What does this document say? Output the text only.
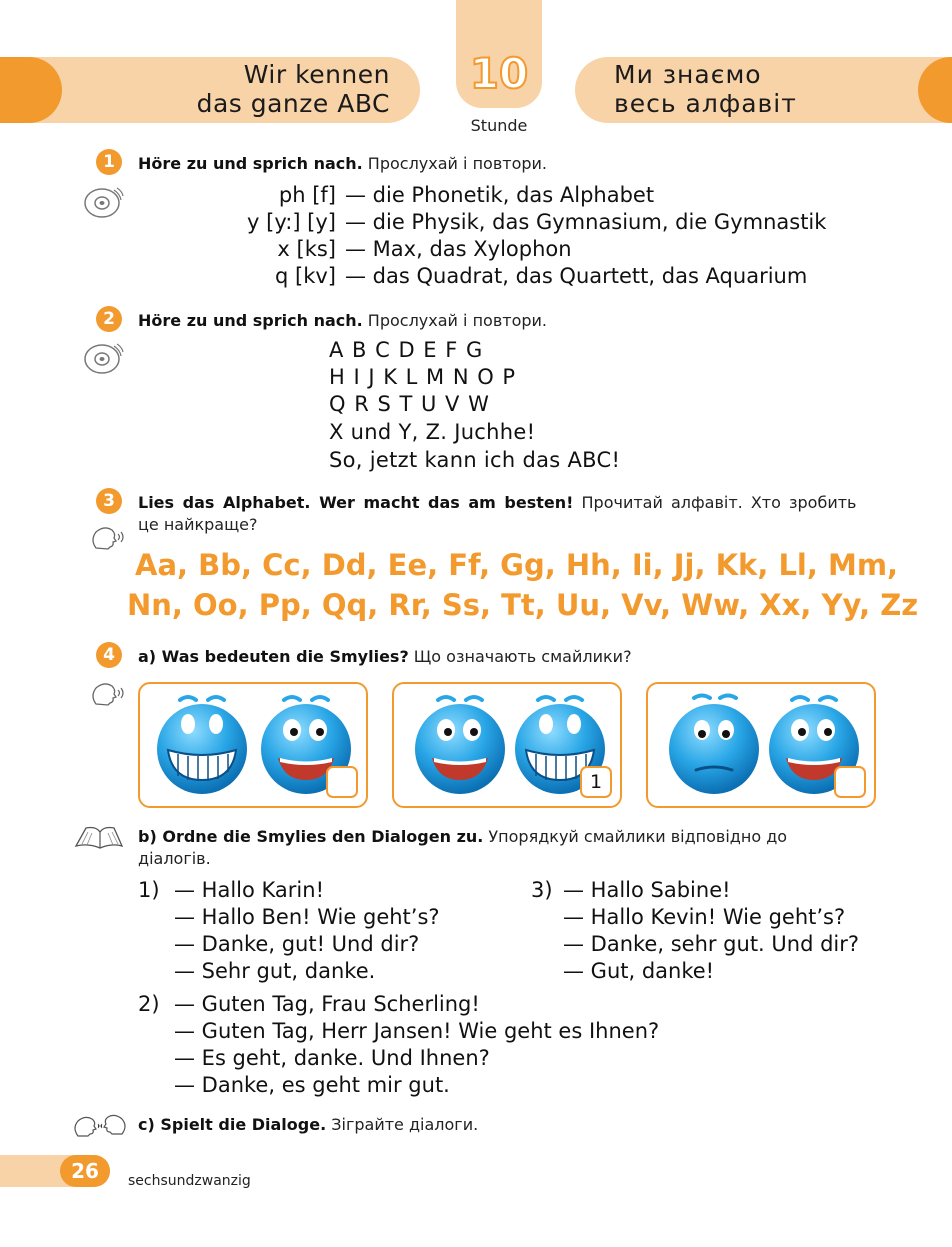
Wir kennen
das ganze ABC
10
Stunde
Ми знаємо
весь алфавіт
1	Höre zu und sprich nach. Прослухай і повтори.
ph [f] — die Phonetik, das Alphabet
y [y:] [y] — die Physik, das Gymnasium, die Gymnastik
x [ks] — Max, das Xylophon
q [kv] — das Quadrat, das Quartett, das Aquarium
2	Höre zu und sprich nach. Прослухай і повтори.
A B C D E F G
H I J K L M N O P
Q R S T U V W
X und Y, Z. Juchhe!
So, jetzt kann ich das ABC!
3	Lies das Alphabet. Wer macht das am besten! Прочитай алфавіт. Хто зробить
це найкраще?
Aa, Bb, Cc, Dd, Ee, Ff, Gg, Hh, Ii, Jj, Kk, Ll, Mm,
Nn, Oo, Pp, Qq, Rr, Ss, Tt, Uu, Vv, Ww, Xx, Yy, Zz
4	a) Was bedeuten die Smylies? Що означають смайлики?
1
b) Ordne die Smylies den Dialogen zu. Упорядкуй смайлики відповідно до
діалогів.
1) — Hallo Karin!
— Hallo Ben! Wie geht’s?
— Danke, gut! Und dir?
— Sehr gut, danke.
3) — Hallo Sabine!
— Hallo Kevin! Wie geht’s?
— Danke, sehr gut. Und dir?
— Gut, danke!
2) — Guten Tag, Frau Scherling!
— Guten Tag, Herr Jansen! Wie geht es Ihnen?
— Es geht, danke. Und Ihnen?
— Danke, es geht mir gut.
c) Spielt die Dialoge. Зіграйте діалоги.
26	sechsundzwanzig
